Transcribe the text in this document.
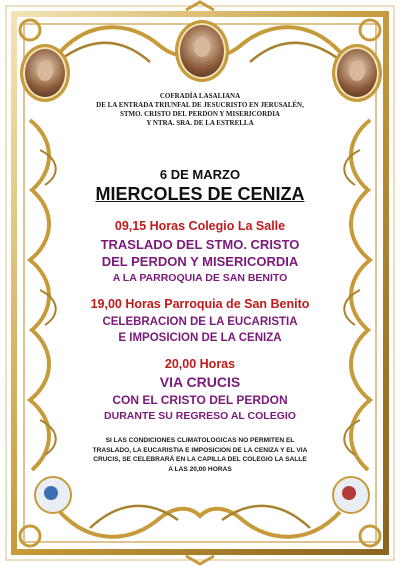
COFRADÍA LASALIANA
DE LA ENTRADA TRIUNFAL DE JESUCRISTO EN JERUSALÉN,
STMO. CRISTO DEL PERDON Y MISERICORDIA
Y NTRA. SRA. DE LA ESTRELLA
6 DE MARZO
MIERCOLES DE CENIZA
09,15 Horas Colegio La Salle
TRASLADO DEL STMO. CRISTO
DEL PERDON Y MISERICORDIA
A LA PARROQUIA DE SAN BENITO
19,00 Horas Parroquia de San Benito
CELEBRACION DE LA EUCARISTIA
E IMPOSICION DE LA CENIZA
20,00 Horas
VIA CRUCIS
CON EL CRISTO DEL PERDON
DURANTE SU REGRESO AL COLEGIO
SI LAS CONDICIONES CLIMATOLOGICAS NO PERMITEN EL
TRASLADO, LA EUCARISTIA E IMPOSICION DE LA CENIZA Y EL VIA
CRUCIS, SE CELEBRARÁ EN LA CAPILLA DEL COLEGIO LA SALLE
A LAS 20,00 HORAS
